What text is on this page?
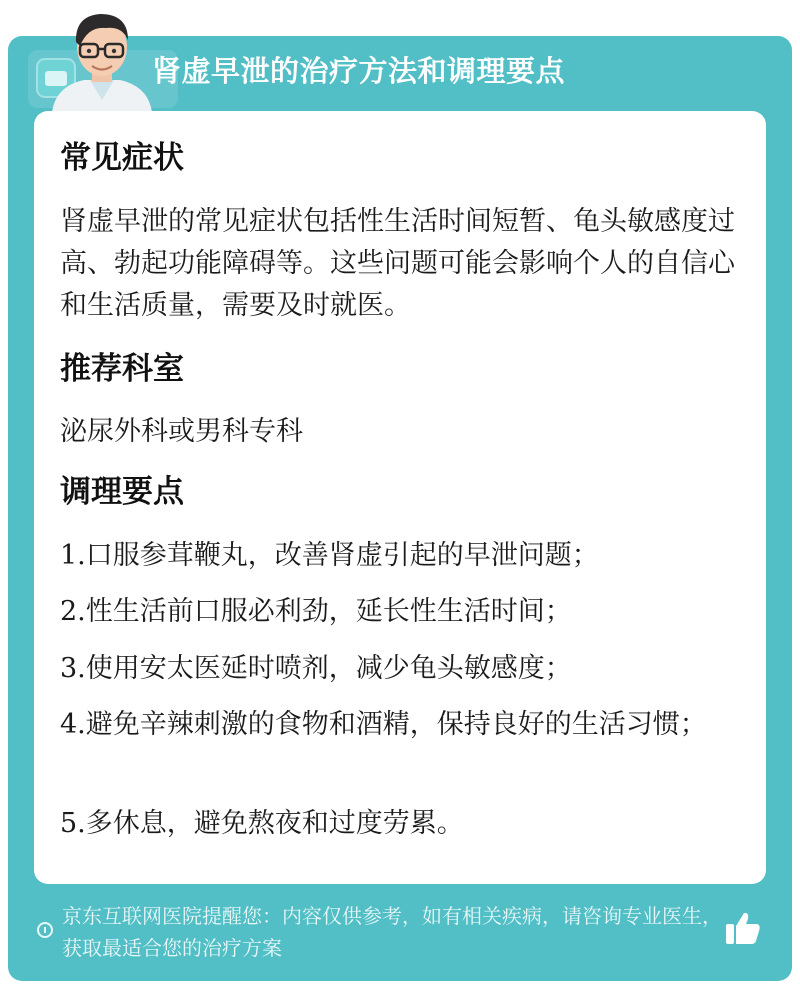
肾虚早泄的治疗方法和调理要点
常见症状
肾虚早泄的常见症状包括性生活时间短暂、龟头敏感度过高、勃起功能障碍等。这些问题可能会影响个人的自信心和生活质量，需要及时就医。
推荐科室
泌尿外科或男科专科
调理要点
1.口服参茸鞭丸，改善肾虚引起的早泄问题；
2.性生活前口服必利劲，延长性生活时间；
3.使用安太医延时喷剂，减少龟头敏感度；
4.避免辛辣刺激的食物和酒精，保持良好的生活习惯；
5.多休息，避免熬夜和过度劳累。
京东互联网医院提醒您：内容仅供参考，如有相关疾病，请咨询专业医生，获取最适合您的治疗方案
